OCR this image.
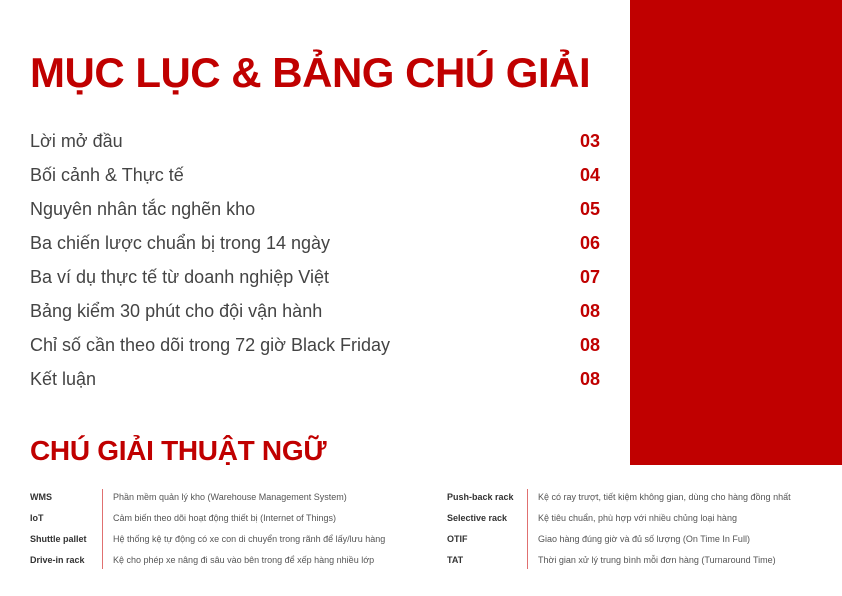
MỤC LỤC & BẢNG CHÚ GIẢI
Lời mở đầu	03
Bối cảnh & Thực tế	04
Nguyên nhân tắc nghẽn kho	05
Ba chiến lược chuẩn bị trong 14 ngày	06
Ba ví dụ thực tế từ doanh nghiệp Việt	07
Bảng kiểm 30 phút cho đội vận hành	08
Chỉ số cần theo dõi trong 72 giờ Black Friday	08
Kết luận	08
CHÚ GIẢI THUẬT NGỮ
WMS	Phần mềm quản lý kho (Warehouse Management System)
IoT	Cảm biến theo dõi hoạt động thiết bị (Internet of Things)
Shuttle pallet	Hệ thống kệ tự động có xe con di chuyển trong rãnh để lấy/lưu hàng
Drive-in rack	Kệ cho phép xe nâng đi sâu vào bên trong để xếp hàng nhiều lớp
Push-back rack	Kệ có ray trượt, tiết kiệm không gian, dùng cho hàng đồng nhất
Selective rack	Kệ tiêu chuẩn, phù hợp với nhiều chủng loại hàng
OTIF	Giao hàng đúng giờ và đủ số lượng (On Time In Full)
TAT	Thời gian xử lý trung bình mỗi đơn hàng (Turnaround Time)
